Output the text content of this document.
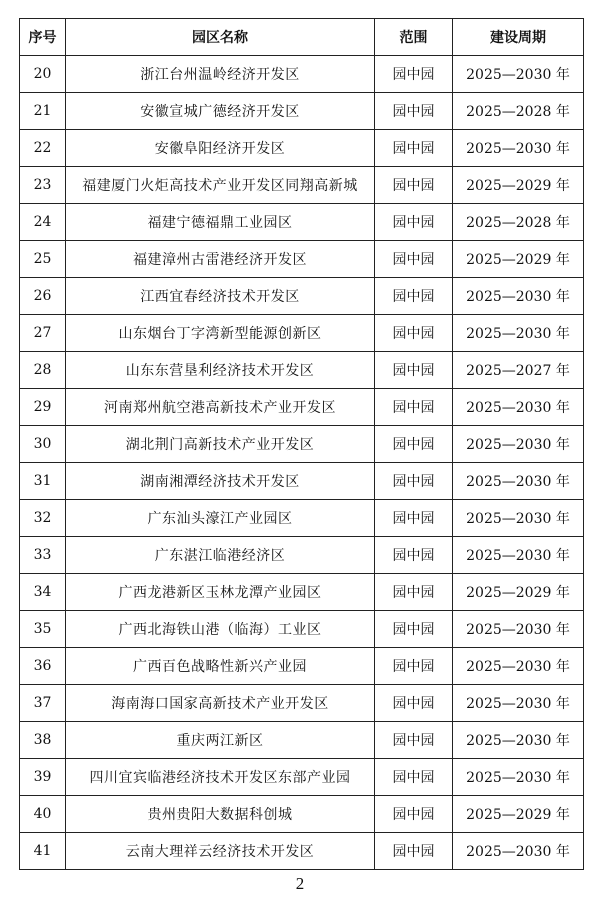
序号	园区名称	范围	建设周期
20	浙江台州温岭经济开发区	园中园	2025—2030 年
21	安徽宣城广德经济开发区	园中园	2025—2028 年
22	安徽阜阳经济开发区	园中园	2025—2030 年
23	福建厦门火炬高技术产业开发区同翔高新城	园中园	2025—2029 年
24	福建宁德福鼎工业园区	园中园	2025—2028 年
25	福建漳州古雷港经济开发区	园中园	2025—2029 年
26	江西宜春经济技术开发区	园中园	2025—2030 年
27	山东烟台丁字湾新型能源创新区	园中园	2025—2030 年
28	山东东营垦利经济技术开发区	园中园	2025—2027 年
29	河南郑州航空港高新技术产业开发区	园中园	2025—2030 年
30	湖北荆门高新技术产业开发区	园中园	2025—2030 年
31	湖南湘潭经济技术开发区	园中园	2025—2030 年
32	广东汕头濠江产业园区	园中园	2025—2030 年
33	广东湛江临港经济区	园中园	2025—2030 年
34	广西龙港新区玉林龙潭产业园区	园中园	2025—2029 年
35	广西北海铁山港（临海）工业区	园中园	2025—2030 年
36	广西百色战略性新兴产业园	园中园	2025—2030 年
37	海南海口国家高新技术产业开发区	园中园	2025—2030 年
38	重庆两江新区	园中园	2025—2030 年
39	四川宜宾临港经济技术开发区东部产业园	园中园	2025—2030 年
40	贵州贵阳大数据科创城	园中园	2025—2029 年
41	云南大理祥云经济技术开发区	园中园	2025—2030 年
2
